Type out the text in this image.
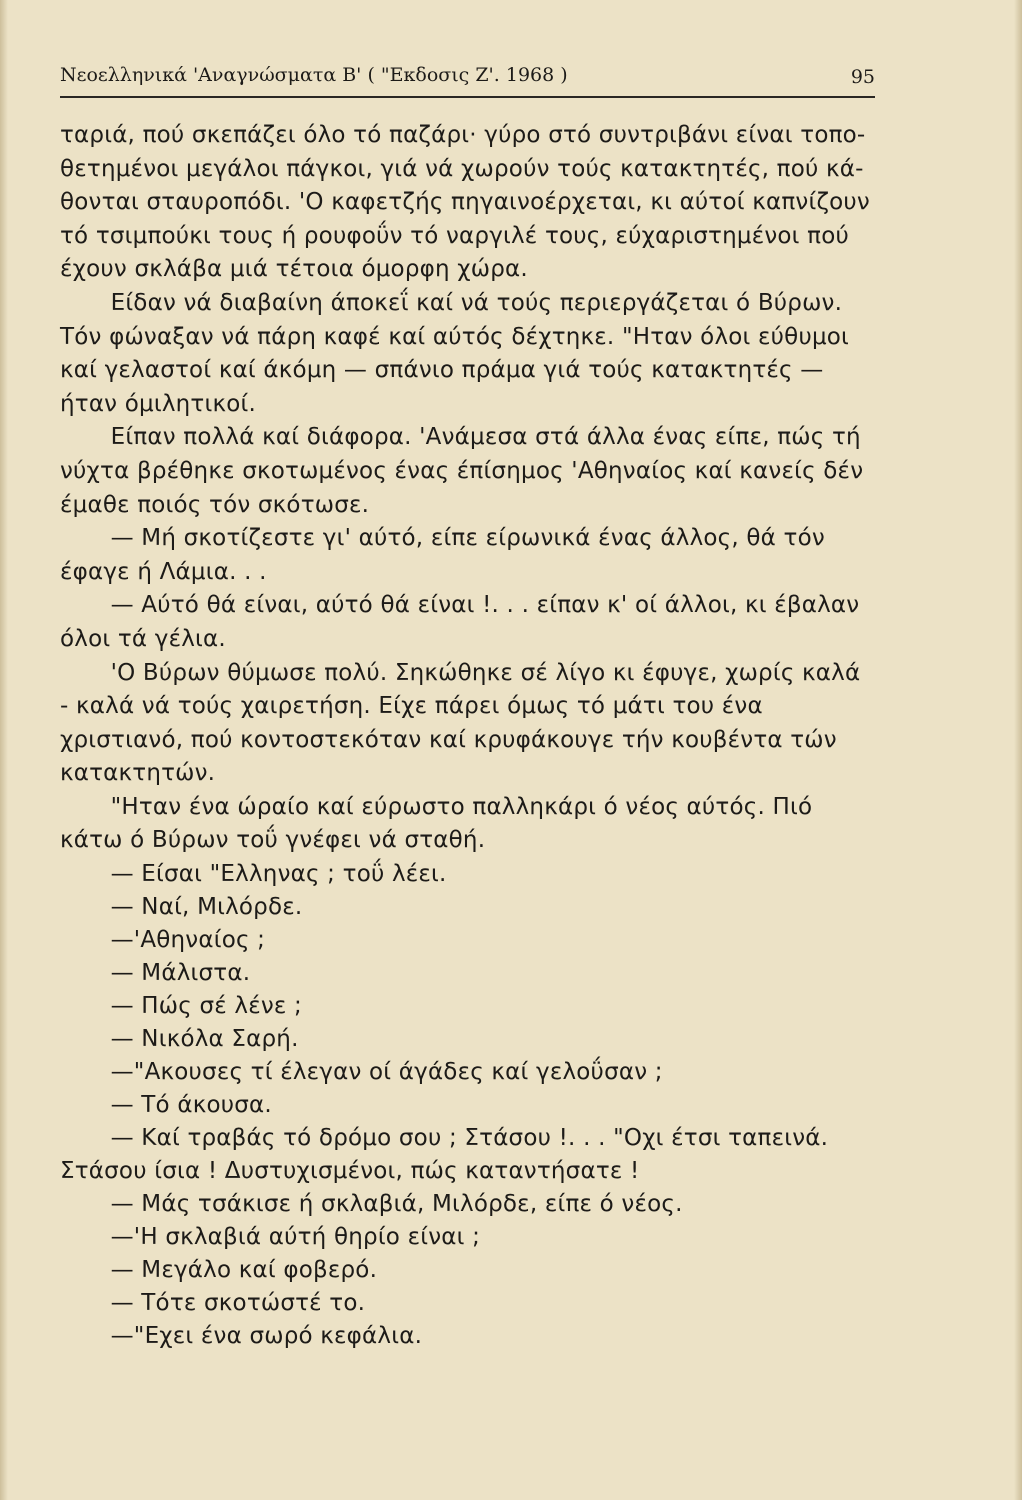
Νεοελληνικά 'Αναγνώσματα Β' ( "Εκδοσις Ζ'. 1968 )	95

ταριά, πού σκεπάζει όλο τό παζάρι· γύρο στό συντριβάνι είναι τοπο-θετημένοι μεγάλοι πάγκοι, γιά νά χωρούν τούς κατακτητές, πού κά-θονται σταυροπόδι. 'Ο καφετζής πηγαινοέρχεται, κι αύτοί καπνίζουν τό τσιμπούκι τους ή ρουφοΰν τό ναργιλέ τους, εύχαριστημένοι πού έχουν σκλάβα μιά τέτοια όμορφη χώρα.

Είδαν νά διαβαίνη άποκεΐ καί νά τούς περιεργάζεται ό Βύρων. Τόν φώναξαν νά πάρη καφέ καί αύτός δέχτηκε. "Ηταν όλοι εύθυμοι καί γελαστοί καί άκόμη — σπάνιο πράμα γιά τούς κατακτητές — ήταν όμιλητικοί.

Είπαν πολλά καί διάφορα. 'Ανάμεσα στά άλλα ένας είπε, πώς τή νύχτα βρέθηκε σκοτωμένος ένας έπίσημος 'Αθηναίος καί κανείς δέν έμαθε ποιός τόν σκότωσε.

— Μή σκοτίζεστε γι' αύτό, είπε είρωνικά ένας άλλος, θά τόν έφαγε ή Λάμια. . .

— Αύτό θά είναι, αύτό θά είναι !. . . είπαν κ' οί άλλοι, κι έβαλαν όλοι τά γέλια.

'Ο Βύρων θύμωσε πολύ. Σηκώθηκε σέ λίγο κι έφυγε, χωρίς καλά - καλά νά τούς χαιρετήση. Είχε πάρει όμως τό μάτι του ένα χριστιανό, πού κοντοστεκόταν καί κρυφάκουγε τήν κουβέντα τών κατακτητών.

"Ηταν ένα ώραίο καί εύρωστο παλληκάρι ό νέος αύτός. Πιό κάτω ό Βύρων τοΰ γνέφει νά σταθή.

— Είσαι "Ελληνας ; τοΰ λέει.

— Ναί, Μιλόρδε.

—'Αθηναίος ;

— Μάλιστα.

— Πώς σέ λένε ;

— Νικόλα Σαρή.

—"Ακουσες τί έλεγαν οί άγάδες καί γελοΰσαν ;

— Τό άκουσα.

— Καί τραβάς τό δρόμο σου ; Στάσου !. . . "Οχι έτσι ταπεινά. Στάσου ίσια ! Δυστυχισμένοι, πώς καταντήσατε !

— Μάς τσάκισε ή σκλαβιά, Μιλόρδε, είπε ό νέος.

—'Η σκλαβιά αύτή θηρίο είναι ;

— Μεγάλο καί φοβερό.

— Τότε σκοτώστέ το.

—"Εχει ένα σωρό κεφάλια.
